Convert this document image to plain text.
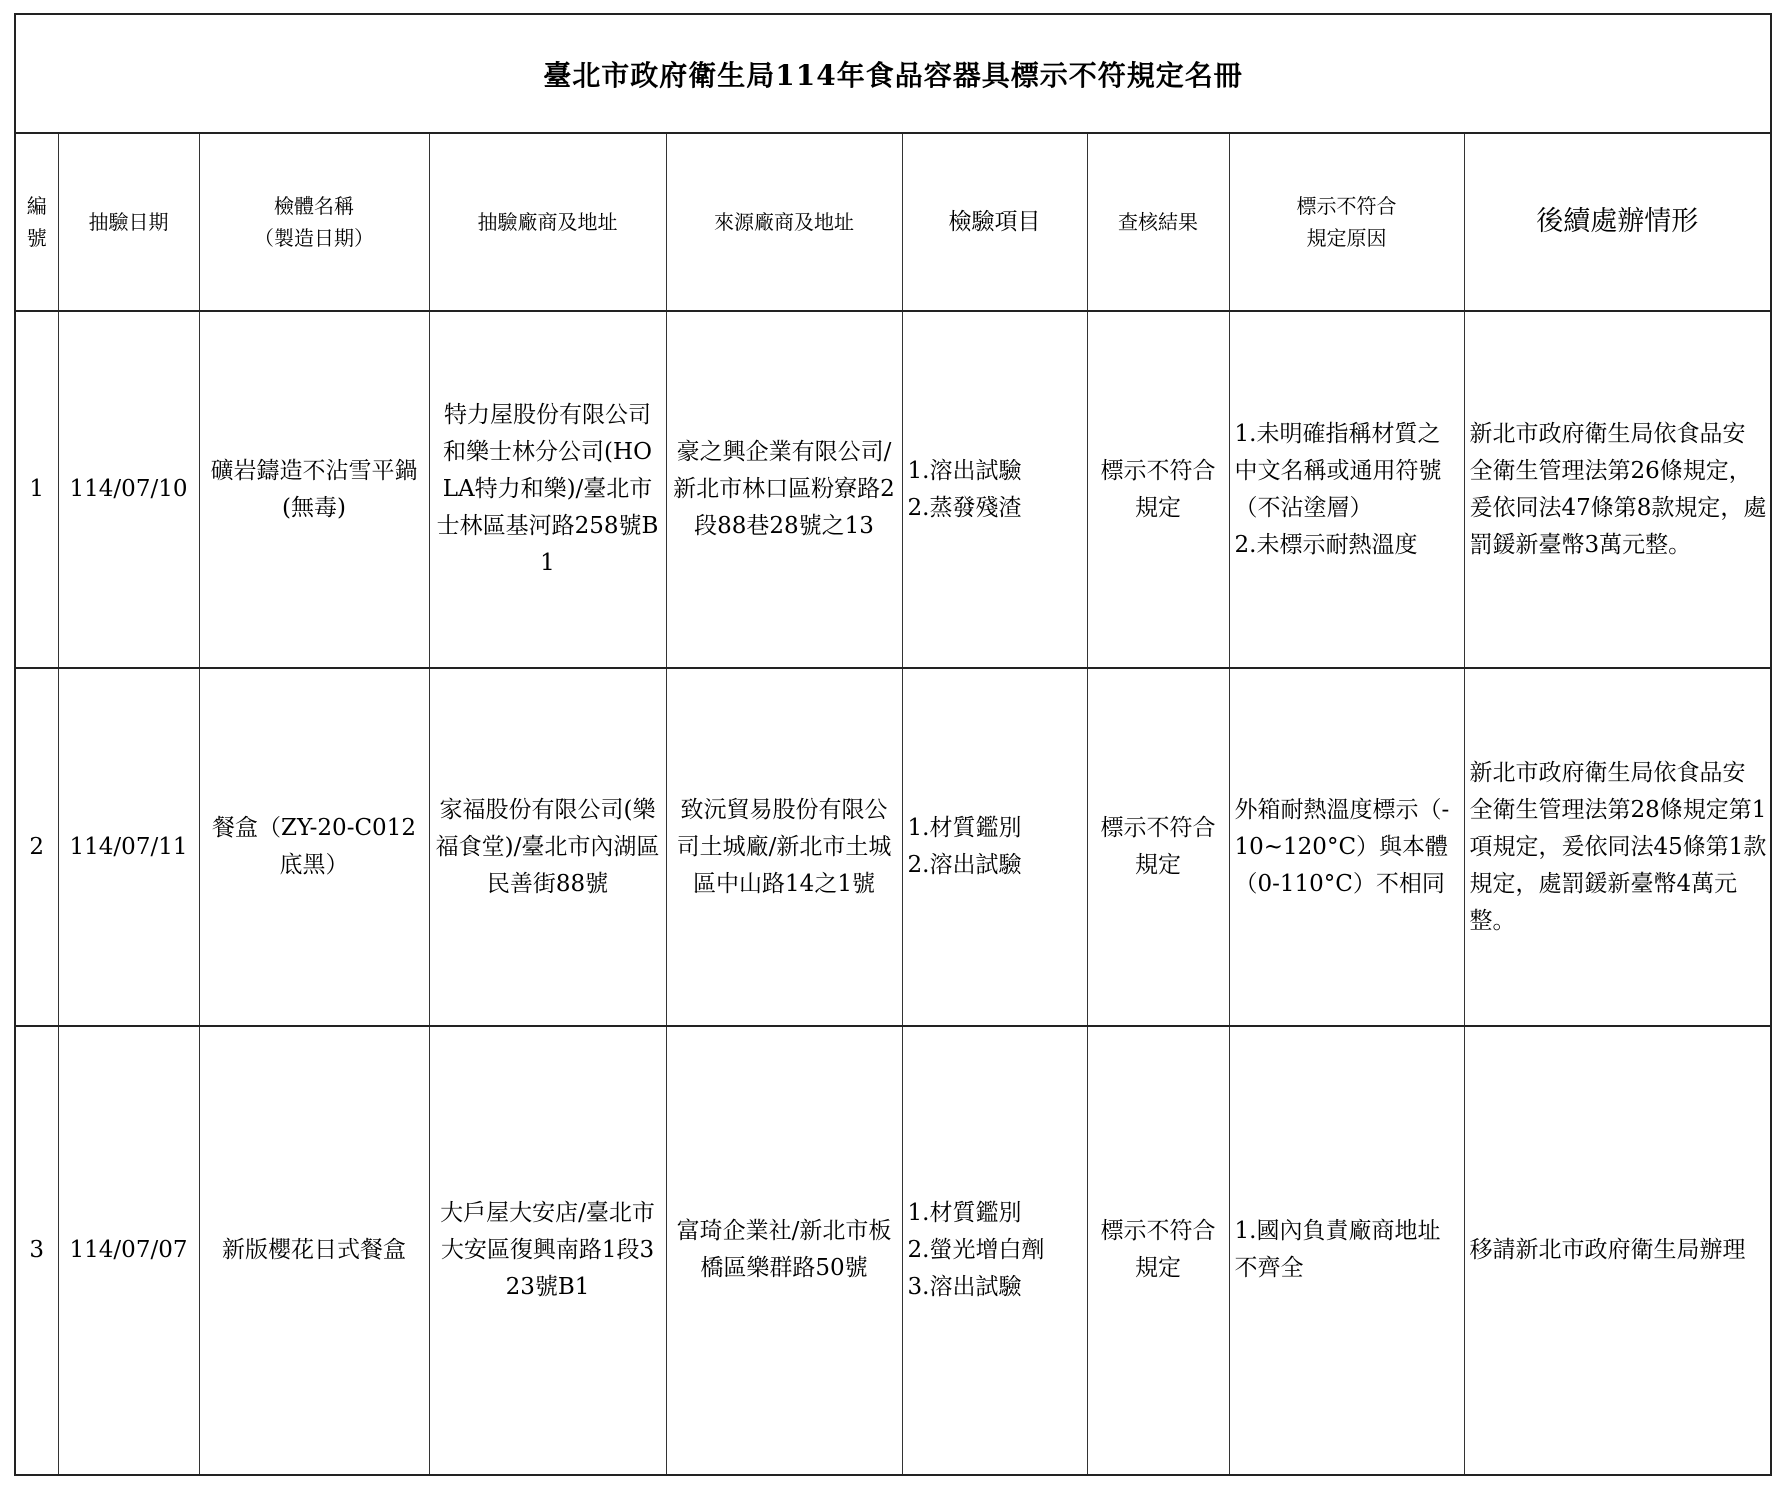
臺北市政府衛生局114年食品容器具標示不符規定名冊								

編
號	抽驗日期	檢體名稱
（製造日期）	抽驗廠商及地址	來源廠商及地址	檢驗項目	查核結果	標示不符合
規定原因	後續處辦情形
1	114/07/10	礦岩鑄造不沾雪平鍋(無毒)	特力屋股份有限公司和樂士林分公司(HOLA特力和樂)/臺北市士林區基河路258號B1	豪之興企業有限公司/新北市林口區粉寮路2段88巷28號之13	1.溶出試驗
2.蒸發殘渣	標示不符合規定	1.未明確指稱材質之中文名稱或通用符號（不沾塗層）
2.未標示耐熱溫度	新北市政府衛生局依食品安全衛生管理法第26條規定，爰依同法47條第8款規定，處罰鍰新臺幣3萬元整。
2	114/07/11	餐盒（ZY-20-C012底黑）	家福股份有限公司(樂福食堂)/臺北市內湖區民善街88號	致沅貿易股份有限公司土城廠/新北市土城區中山路14之1號	1.材質鑑別
2.溶出試驗	標示不符合規定	外箱耐熱溫度標示（-10~120°C）與本體（0-110°C）不相同	新北市政府衛生局依食品安全衛生管理法第28條規定第1項規定，爰依同法45條第1款規定，處罰鍰新臺幣4萬元整。
3	114/07/07	新版櫻花日式餐盒	大戶屋大安店/臺北市大安區復興南路1段323號B1	富琦企業社/新北市板橋區樂群路50號	1.材質鑑別
2.螢光增白劑
3.溶出試驗	標示不符合規定	1.國內負責廠商地址不齊全	移請新北市政府衛生局辦理
